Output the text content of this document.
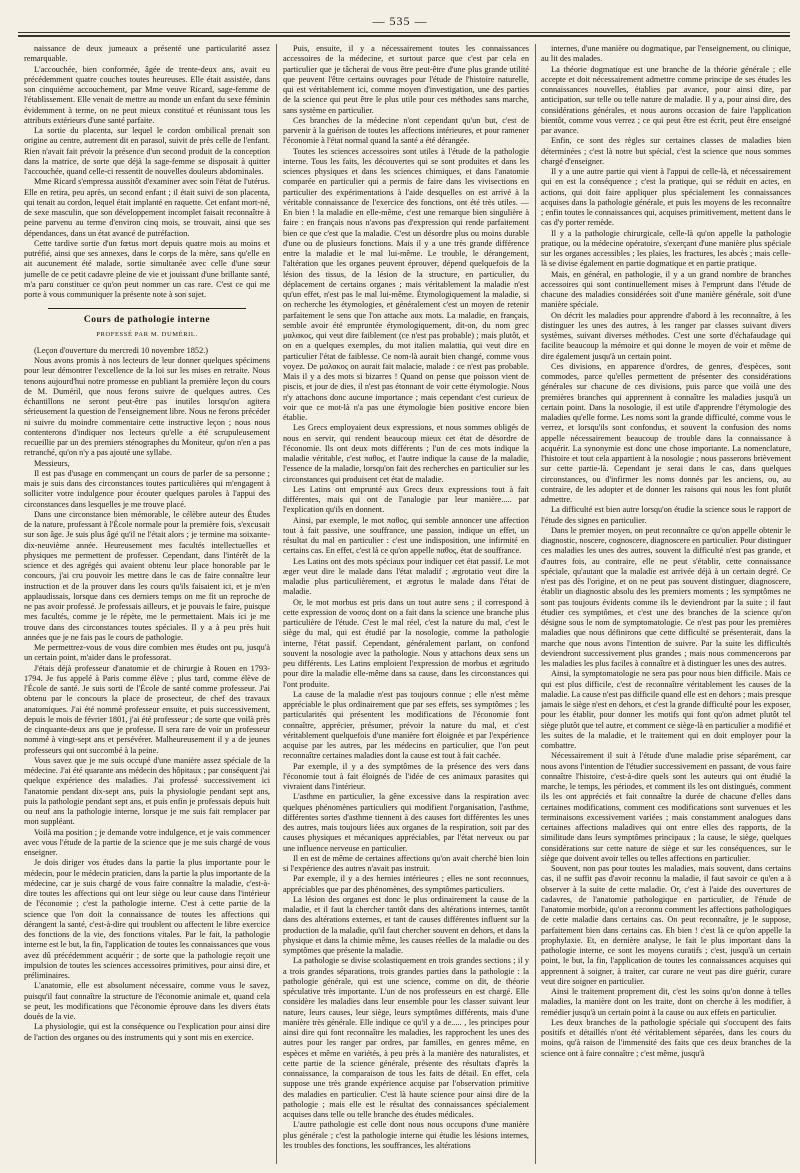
— 535 —

naissance de deux jumeaux a présenté une particularité assez remarquable.

L'accouchée, bien conformée, âgée de trente-deux ans, avait eu précédemment quatre couches toutes heureuses. Elle était assistée, dans son cinquième accouchement, par Mme veuve Ricard, sage-femme de l'établissement. Elle venait de mettre au monde un enfant du sexe féminin évidemment à terme, on ne peut mieux constitué et réunissant tous les attributs extérieurs d'une santé parfaite.

La sortie du placenta, sur lequel le cordon ombilical prenait son origine au centre, autrement dit en parasol, suivit de près celle de l'enfant. Rien n'avait fait prévoir la présence d'un second produit de la conception dans la matrice, de sorte que déjà la sage-femme se disposait à quitter l'accouchée, quand celle-ci ressentit de nouvelles douleurs abdominales.

Mme Ricard s'empressa aussitôt d'examiner avec soin l'état de l'utérus. Elle en retira, peu après, un second enfant ; il était suivi de son placenta, qui tenait au cordon, lequel était implanté en raquette. Cet enfant mort-né, de sexe masculin, que son développement incomplet faisait reconnaître à peine parvenu au terme d'environ cinq mois, se trouvait, ainsi que ses dépendances, dans un état avancé de putréfaction.

Cette tardive sortie d'un fœtus mort depuis quatre mois au moins et putréfié, ainsi que ses annexes, dans le corps de la mère, sans qu'elle en ait aucunement été malade, sortie simultanée avec celle d'une sœur jumelle de ce petit cadavre pleine de vie et jouissant d'une brillante santé, m'a paru constituer ce qu'on peut nommer un cas rare. C'est ce qui me porte à vous communiquer la présente note à son sujet.

Cours de pathologie interne
PROFESSÉ PAR M. DUMÉRIL.

(Leçon d'ouverture du mercredi 10 novembre 1852.)

Nous avons promis à nos lecteurs de leur donner quelques spécimens pour leur démontrer l'excellence de la loi sur les mises en retraite. Nous tenons aujourd'hui notre promesse en publiant la première leçon du cours de M. Duméril, que nous ferons suivre de quelques autres. Ces échantillons ne seront peut-être pas inutiles lorsqu'on agitera sérieusement la question de l'enseignement libre. Nous ne ferons précéder ni suivre du moindre commentaire cette instructive leçon ; nous nous contenterons d'indiquer nos lecteurs qu'elle a été scrupuleusement recueillie par un des premiers sténographes du Moniteur, qu'on n'en a pas retranché, qu'on n'y a pas ajouté une syllabe.

Messieurs,

Il est pas d'usage en commençant un cours de parler de sa personne ; mais je suis dans des circonstances toutes particulières qui m'engagent à solliciter votre indulgence pour écouter quelques paroles à l'appui des circonstances dans lesquelles je me trouve placé.

Dans une circonstance bien mémorable, le célèbre auteur des Études de la nature, professant à l'École normale pour la première fois, s'excusait sur son âge. Je suis plus âgé qu'il ne l'était alors ; je termine ma soixante-dix-neuvième année. Heureusement mes facultés intellectuelles et physiques me permettent de professer. Cependant, dans l'intérêt de la science et des agrégés qui avaient obtenu leur place honorable par le concours, j'ai cru pouvoir les mettre dans le cas de faire connaître leur instruction et de la prouver dans les cours qu'ils faisaient ici, et je m'en applaudissais, lorsque dans ces derniers temps on me fit un reproche de ne pas avoir professé. Je professais ailleurs, et je pouvais le faire, puisque mes facultés, comme je le répète, me le permettaient. Mais ici je me trouve dans des circonstances toutes spéciales. Il y a à peu près huit années que je ne fais pas le cours de pathologie.

Me permettrez-vous de vous dire combien mes études ont pu, jusqu'à un certain point, m'aider dans le professorat.

J'étais déjà professeur d'anatomie et de chirurgie à Rouen en 1793-1794. Je fus appelé à Paris comme élève ; plus tard, comme élève de l'École de santé. Je suis sorti de l'École de santé comme professeur. J'ai obtenu par le concours la place de prosecteur, de chef des travaux anatomiques. J'ai été nommé professeur ensuite, et puis successivement, depuis le mois de février 1801, j'ai été professeur ; de sorte que voilà près de cinquante-deux ans que je professe. Il sera rare de voir un professeur nommé à vingt-sept ans et persévérer. Malheureusement il y a de jeunes professeurs qui ont succombé à la peine.

Vous savez que je me suis occupé d'une manière assez spéciale de la médecine. J'ai été quarante ans médecin des hôpitaux ; par conséquent j'ai quelque expérience des maladies. J'ai professé successivement ici l'anatomie pendant dix-sept ans, puis la physiologie pendant sept ans, puis la pathologie pendant sept ans, et puis enfin je professais depuis huit ou neuf ans la pathologie interne, lorsque je me suis fait remplacer par mon suppléant.

Voilà ma position ; je demande votre indulgence, et je vais commencer avec vous l'étude de la partie de la science que je me suis chargé de vous enseigner.

Je dois diriger vos études dans la partie la plus importante pour le médecin, pour le médecin praticien, dans la partie la plus importante de la médecine, car je suis chargé de vous faire connaître la maladie, c'est-à-dire toutes les affections qui ont leur siège ou leur cause dans l'intérieur de l'économie ; c'est la pathologie interne. C'est à cette partie de la science que l'on doit la connaissance de toutes les affections qui dérangent la santé, c'est-à-dire qui troublent ou affectent le libre exercice des fonctions de la vie, des fonctions vitales. Par le fait, la pathologie interne est le but, la fin, l'application de toutes les connaissances que vous avez dû précédemment acquérir ; de sorte que la pathologie reçoit une impulsion de toutes les sciences accessoires primitives, pour ainsi dire, et préliminaires.

L'anatomie, elle est absolument nécessaire, comme vous le savez, puisqu'il faut connaître la structure de l'économie animale et, quand cela se peut, les modifications que l'économie éprouve dans les divers états doués de la vie.

La physiologie, qui est la conséquence ou l'explication pour ainsi dire de l'action des organes ou des instruments qui y sont mis en exercice.

Puis, ensuite, il y a nécessairement toutes les connaissances accessoires de la médecine, et surtout parce que c'est par cela en particulier que je tâcherai de vous être peut-être d'une plus grande utilité que peuvent l'être certains ouvrages pour l'étude de l'histoire naturelle, qui est véritablement ici, comme moyen d'investigation, une des parties de la science qui peut être le plus utile pour ces méthodes sans marche, sans système en particulier.

Ces branches de la médecine n'ont cependant qu'un but, c'est de parvenir à la guérison de toutes les affections intérieures, et pour ramener l'économie à l'état normal quand la santé a été dérangée.

Toutes les sciences accessoires sont utiles à l'étude de la pathologie interne. Tous les faits, les découvertes qui se sont produites et dans les sciences physiques et dans les sciences chimiques, et dans l'anatomie comparée en particulier qui a permis de faire dans les vivisections en particulier des expérimentations à l'aide desquelles on est arrivé à la véritable connaissance de l'exercice des fonctions, ont été très utiles. — En bien ! la maladie en elle-même, c'est une remarque bien singulière à faire : en français nous n'avons pas d'expression qui rende parfaitement bien ce que c'est que la maladie. C'est un désordre plus ou moins durable d'une ou de plusieurs fonctions. Mais il y a une très grande différence entre la maladie et le mal lui-même. Le trouble, le dérangement, l'altération que les organes peuvent éprouver, dépend quelquefois de la lésion des tissus, de la lésion de la structure, en particulier, du déplacement de certains organes ; mais véritablement la maladie n'est qu'un effet, n'est pas le mal lui-même. Étymologiquement la maladie, si on recherche les étymologies, et généralement c'est un moyen de retenir parfaitement le sens que l'on attache aux mots. La maladie, en français, semble avoir été empruntée étymologiquement, dit-on, du nom grec μαλακος, qui veut dire faiblement (ce n'est pas probable) ; mais plutôt, et on en a quelques exemples, du mot italien malattia, qui veut dire en particulier l'état de faiblesse. Ce nom-là aurait bien changé, comme vous voyez. De μαλακος on aurait fait malacie, malade : ce n'est pas probable. Mais il y a des mots si bizarres ! Quand on pense que poisson vient de piscis, et jour de dies, il n'est pas étonnant de voir cette étymologie. Nous n'y attachons donc aucune importance ; mais cependant c'est curieux de voir que ce mot-là n'a pas une étymologie bien positive encore bien établie.

Les Grecs employaient deux expressions, et nous sommes obligés de nous en servir, qui rendent beaucoup mieux cet état de désordre de l'économie. Ils ont deux mots différents ; l'un de ces mots indique la maladie véritable, c'est παθος, et l'autre indique la cause de la maladie, l'essence de la maladie, lorsqu'on fait des recherches en particulier sur les circonstances qui produisent cet état de maladie.

Les Latins ont emprunté aux Grecs deux expressions tout à fait différentes, mais qui ont de l'analogie par leur manière..... par l'explication qu'ils en donnent.

Ainsi, par exemple, le mot παθος, qui semble annoncer une affection tout à fait passive, une souffrance, une passion, indique un effet, un résultat du mal en particulier : c'est une indisposition, une infirmité en certains cas. En effet, c'est là ce qu'on appelle παθος, état de souffrance.

Les Latins ont des mots spéciaux pour indiquer cet état passif. Le mot æger veut dire le malade dans l'état maladif ; ægrotatio veut dire la maladie plus particulièrement, et ægrotus le malade dans l'état de maladie.

Or, le mot morbus est pris dans un tout autre sens ; il correspond à cette expression de νοσος dont on a fait dans la science une branche plus particulière de l'étude. C'est le mal réel, c'est la nature du mal, c'est le siège du mal, qui est étudié par la nosologie, comme la pathologie interne, l'état passif. Cependant, généralement parlant, on confond souvent la nosologie avec la pathologie. Nous y attachons deux sens un peu différents. Les Latins emploient l'expression de morbus et ægritudo pour dire la maladie elle-même dans sa cause, dans les circonstances qui l'ont produite.

La cause de la maladie n'est pas toujours connue ; elle n'est même appréciable le plus ordinairement que par ses effets, ses symptômes ; les particularités qui présentent les modifications de l'économie font connaître, apprécier, présumer, prévoir la nature du mal, et c'est véritablement quelquefois d'une manière fort éloignée et par l'expérience acquise par les autres, par les médecins en particulier, que l'on peut reconnaître certaines maladies dont la cause est tout à fait cachée.

Par exemple, il y a des symptômes de la présence des vers dans l'économie tout à fait éloignés de l'idée de ces animaux parasites qui vivraient dans l'intérieur.

L'asthme en particulier, la gêne excessive dans la respiration avec quelques phénomènes particuliers qui modifient l'organisation, l'asthme, différentes sortes d'asthme tiennent à des causes fort différentes les unes des autres, mais toujours liées aux organes de la respiration, soit par des causes physiques et mécaniques appréciables, par l'état nerveux ou par une influence nerveuse en particulier.

Il en est de même de certaines affections qu'on avait cherché bien loin si l'expérience des autres n'avait pas instruit.

Par exemple, il y a des hernies intérieures ; elles ne sont reconnues, appréciables que par des phénomènes, des symptômes particuliers.

La lésion des organes est donc le plus ordinairement la cause de la maladie, et il faut la chercher tantôt dans des altérations internes, tantôt dans des altérations externes, et tant de causes différentes influent sur la production de la maladie, qu'il faut chercher souvent en dehors, et dans la physique et dans la chimie même, les causes réelles de la maladie ou des symptômes que présente la maladie.

La pathologie se divise scolastiquement en trois grandes sections ; il y a trois grandes séparations, trois grandes parties dans la pathologie : la pathologie générale, qui est une science, comme on dit, de théorie spéculative très importante. L'un de nos professeurs en est chargé. Elle considère les maladies dans leur ensemble pour les classer suivant leur nature, leurs causes, leur siège, leurs symptômes différents, mais d'une manière très générale. Elle indique ce qu'il y a de..... , les principes pour ainsi dire qui font reconnaître les maladies, les rapprochent les unes des autres pour les ranger par ordres, par familles, en genres même, en espèces et même en variétés, à peu près à la manière des naturalistes, et cette partie de la science générale, présente des résultats d'après la connaissance, la comparaison de tous les faits de détail. En effet, cela suppose une très grande expérience acquise par l'observation primitive des maladies en particulier. C'est là haute science pour ainsi dire de la pathologie ; mais elle est le résultat des connaissances spécialement acquises dans telle ou telle branche des études médicales.

L'autre pathologie est celle dont nous nous occupons d'une manière plus générale ; c'est la pathologie interne qui étudie les lésions internes, les troubles des fonctions, les souffrances, les altérations

internes, d'une manière ou dogmatique, par l'enseignement, ou clinique, au lit des malades.

La théorie dogmatique est une branche de la théorie générale ; elle accepte et doit nécessairement admettre comme principe de ses études les connaissances nouvelles, établies par avance, pour ainsi dire, par anticipation, sur telle ou telle nature de maladie. Il y a, pour ainsi dire, des considérations générales, et nous aurons occasion de faire l'application bientôt, comme vous verrez ; ce qui peut être est écrit, peut être enseigné par avance.

Enfin, ce sont des règles sur certaines classes de maladies bien déterminées ; c'est là notre but spécial, c'est la science que nous sommes chargé d'enseigner.

Il y a une autre partie qui vient à l'appui de celle-là, et nécessairement qui en est la conséquence ; c'est la pratique, qui se réduit en actes, en actions, qui doit faire appliquer plus spécialement les connaissances acquises dans la pathologie générale, et puis les moyens de les reconnaître ; enfin toutes le connaissances qui, acquises primitivement, mettent dans le cas d'y porter remède.

Il y a la pathologie chirurgicale, celle-là qu'on appelle la pathologie pratique, ou la médecine opératoire, s'exerçant d'une manière plus spéciale sur les organes accessibles ; les plaies, les fractures, les abcès ; mais celle-là se divise également en partie dogmatique et en partie pratique.

Mais, en général, en pathologie, il y a un grand nombre de branches accessoires qui sont continuellement mises à l'emprunt dans l'étude de chacune des maladies considérées soit d'une manière générale, soit d'une manière spéciale.

On décrit les maladies pour apprendre d'abord à les reconnaître, à les distinguer les unes des autres, à les ranger par classes suivant divers systèmes, suivant diverses méthodes. C'est une sorte d'échafaudage qui facilite beaucoup la mémoire et qui donne le moyen de voir et même de dire également jusqu'à un certain point.

Ces divisions, en apparence d'ordres, de genres, d'espèces, sont commodes, parce qu'elles permettent de présenter des considérations générales sur chacune de ces divisions, puis parce que voilà une des premières branches qui apprennent à connaître les maladies jusqu'à un certain point. Dans la nosologie, il est utile d'apprendre l'étymologie des maladies qu'elle forme. Les noms sont la grande difficulté, comme vous le verrez, et lorsqu'ils sont confondus, et souvent la confusion des noms appelle nécessairement beaucoup de trouble dans la connaissance à acquérir. La synonymie est donc une chose importante. La nomenclature, l'histoire et tout cela appartient à la nosologie ; nous passerons brièvement sur cette partie-là. Cependant je serai dans le cas, dans quelques circonstances, ou d'infirmer les noms donnés par les anciens, ou, au contraire, de les adopter et de donner les raisons qui nous les font plutôt admettre.

La difficulté est bien autre lorsqu'on étudie la science sous le rapport de l'étude des signes en particulier.

Dans le premier moyen, on peut reconnaître ce qu'on appelle obtenir le diagnostic, noscere, cognoscere, diagnoscere en particulier. Pour distinguer ces maladies les unes des autres, souvent la difficulté n'est pas grande, et d'autres fois, au contraire, elle ne peut s'établir, cette connaissance spéciale, qu'autant que la maladie est arrivée déjà à un certain degré. Ce n'est pas dès l'origine, et on ne peut pas souvent distinguer, diagnoscere, établir un diagnostic absolu des les premiers moments ; les symptômes ne sont pas toujours évidents comme ils le deviendront par la suite ; il faut étudier ces symptômes, et c'est une des branches de la science qu'on désigne sous le nom de symptomatologie. Ce n'est pas pour les premières maladies que nous définirons que cette difficulté se présenterait, dans la marche que nous avons l'intention de suivre. Par la suite les difficultés deviendront successivement plus grandes ; mais nous commencerons par les maladies les plus faciles à connaître et à distinguer les unes des autres.

Ainsi, la symptomatologie ne sera pas pour nous bien difficile. Mais ce qui est plus difficile, c'est de reconnaître véritablement les causes de la maladie. La cause n'est pas difficile quand elle est en dehors ; mais presque jamais le siège n'est en dehors, et c'est la grande difficulté pour les exposer, pour les établir, pour donner les motifs qui font qu'on admet plutôt tel siège plutôt que tel autre, et comment ce siège-là en particulier a modifié et les suites de la maladie, et le traitement qui en doit employer pour la combattre.

Nécessairement il suit à l'étude d'une maladie prise séparément, car nous avons l'intention de l'étudier successivement en passant, de vous faire connaître l'histoire, c'est-à-dire quels sont les auteurs qui ont étudié la marche, le temps, les périodes, et comment ils les ont distingués, comment ils les ont appréciés et fait connaître la durée de chacune d'elles dans certaines modifications, comment ces modifications sont survenues et les terminaisons excessivement variées ; mais constamment analogues dans certaines affections maladives qui ont entre elles des rapports, de la similitude dans leurs symptômes principaux ; la cause, le siège, quelques considérations sur cette nature de siège et sur les conséquences, sur le siège que doivent avoir telles ou telles affections en particulier.

Souvent, non pas pour toutes les maladies, mais souvent, dans certains cas, il ne suffit pas d'avoir reconnu la maladie, il faut savoir ce qu'en a à observer à la suite de cette maladie. Or, c'est à l'aide des ouvertures de cadavres, de l'anatomie pathologique en particulier, de l'étude de l'anatomie morbide, qu'on a reconnu comment les affections pathologiques de cette maladie dans certains cas. On peut reconnaître, je le suppose, parfaitement bien dans certains cas. Eh bien ! c'est là ce qu'on appelle la prophylaxie. Et, en dernière analyse, le fait le plus important dans la pathologie interne, ce sont les moyens curatifs ; c'est, jusqu'à un certain point, le but, la fin, l'application de toutes les connaissances acquises qui apprennent à soigner, à traiter, car curare ne veut pas dire guérir, curare veut dire soigner en particulier.

Ainsi le traitement proprement dit, c'est les soins qu'on donne à telles maladies, la manière dont on les traite, dont on cherche à les modifier, à remédier jusqu'à un certain point à la cause ou aux effets en particulier.

Les deux branches de la pathologie spéciale qui s'occupent des faits positifs et détaillés n'ont été véritablement séparées, dans les cours du moins, qu'à raison de l'immensité des faits que ces deux branches de la science ont à faire connaître ; c'est même, jusqu'à
